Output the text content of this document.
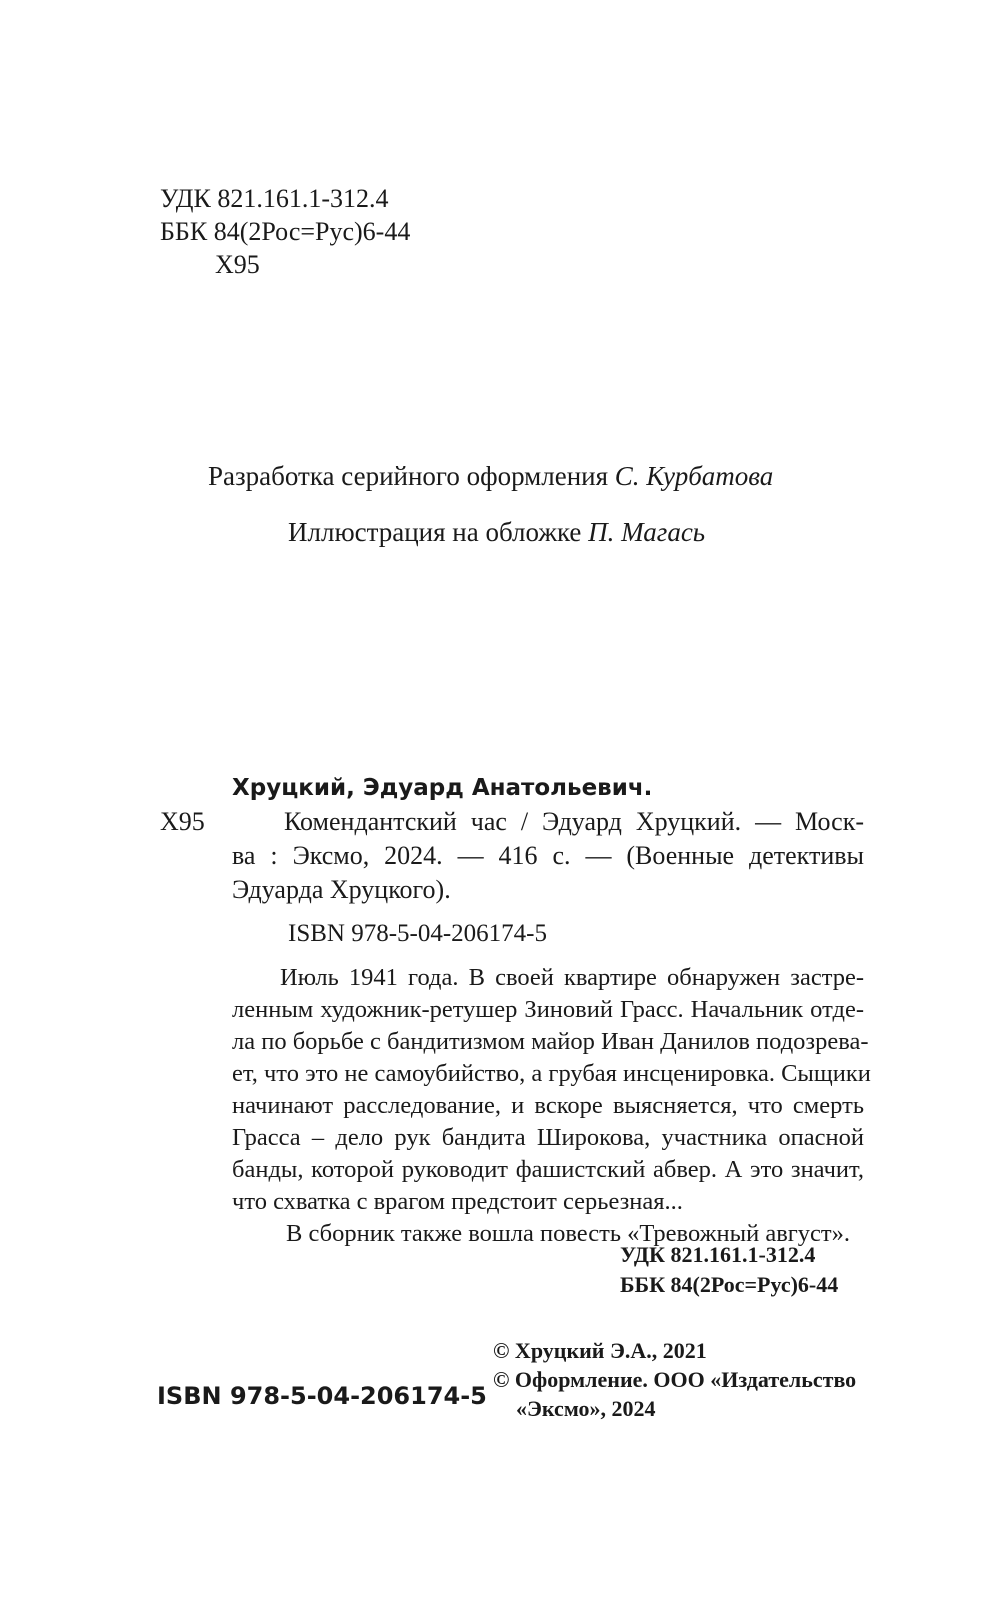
УДК 821.161.1-312.4
ББК 84(2Рос=Рус)6-44
Х95
Разработка серийного оформления С. Курбатова
Иллюстрация на обложке П. Магась
Хруцкий, Эдуард Анатольевич.
Х95	Комендантский час / Эдуард Хруцкий. — Моск-
ва : Эксмо, 2024. — 416 с. — (Военные детективы
Эдуарда Хруцкого).
ISBN 978-5-04-206174-5
Июль 1941 года. В своей квартире обнаружен застре-
ленным художник-ретушер Зиновий Грасс. Начальник отде-
ла по борьбе с бандитизмом майор Иван Данилов подозрева-
ет, что это не самоубийство, а грубая инсценировка. Сыщики
начинают расследование, и вскоре выясняется, что смерть
Грасса – дело рук бандита Широкова, участника опасной
банды, которой руководит фашистский абвер. А это значит,
что схватка с врагом предстоит серьезная...
В сборник также вошла повесть «Тревожный август».
УДК 821.161.1-312.4
ББК 84(2Рос=Рус)6-44
© Хруцкий Э.А., 2021
© Оформление. ООО «Издательство
«Эксмо», 2024
ISBN 978-5-04-206174-5
